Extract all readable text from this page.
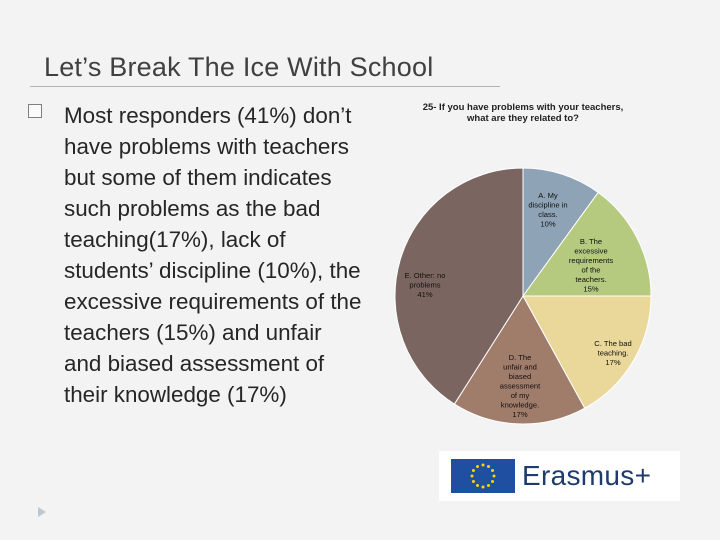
Let’s Break The Ice With School
Most responders (41%) don’t have problems with teachers but some of them indicates such problems as the bad teaching(17%), lack of students’ discipline (10%), the excessive requirements of the teachers (15%) and unfair and biased assessment of their knowledge (17%)
25- If you have problems with your teachers, what are they related to?
A. My discipline in class. 10%
B. The excessive requirements of the teachers. 15%
C. The bad teaching. 17%
D. The unfair and biased assessment of my knowledge. 17%
E. Other: no problems 41%
Erasmus+
